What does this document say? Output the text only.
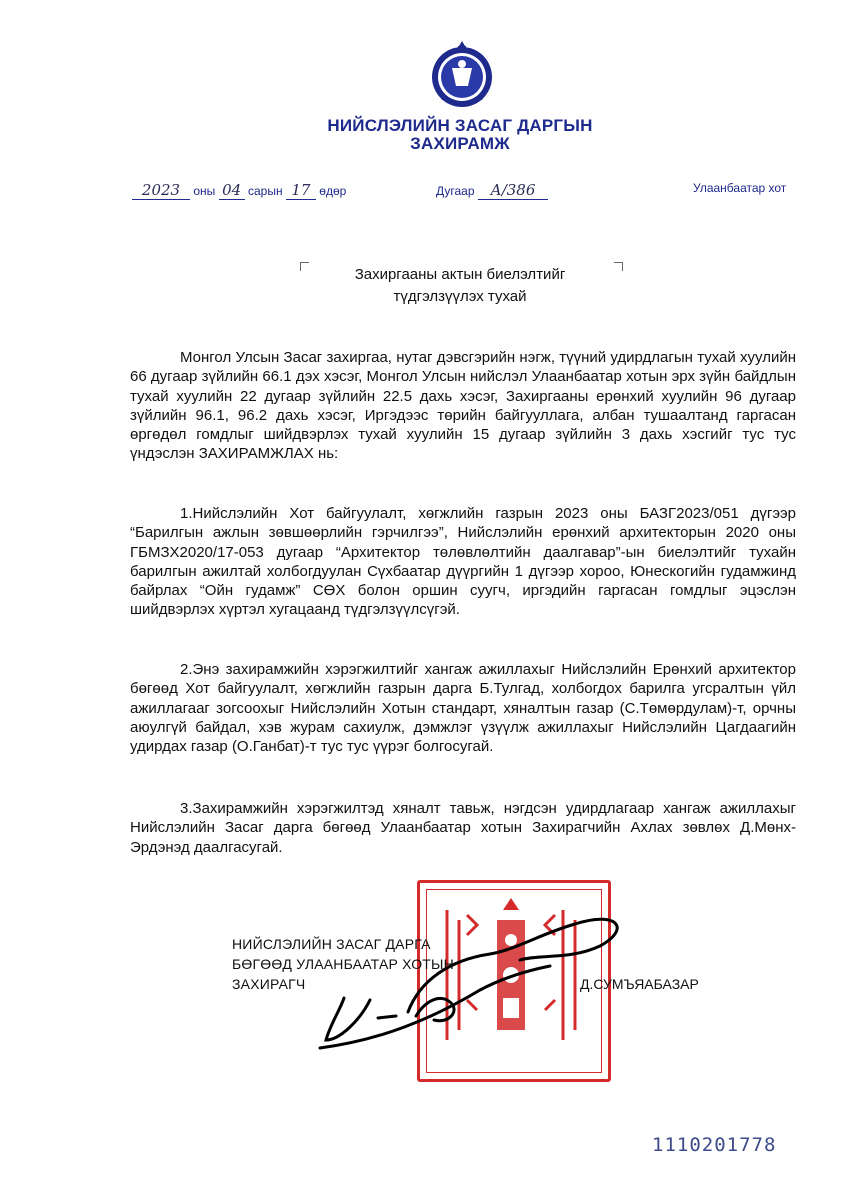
НИЙСЛЭЛИЙН ЗАСАГ ДАРГЫН
ЗАХИРАМЖ
2023 оны 04 сарын 17 өдөр	Дугаар А/386	Улаанбаатар хот
Захиргааны актын биелэлтийг
түдгэлзүүлэх тухай
Монгол Улсын Засаг захиргаа, нутаг дэвсгэрийн нэгж, түүний удирдлагын тухай хуулийн 66 дугаар зүйлийн 66.1 дэх хэсэг, Монгол Улсын нийслэл Улаанбаатар хотын эрх зүйн байдлын тухай хуулийн 22 дугаар зүйлийн 22.5 дахь хэсэг, Захиргааны ерөнхий хуулийн 96 дугаар зүйлийн 96.1, 96.2 дахь хэсэг, Иргэдээс төрийн байгууллага, албан тушаалтанд гаргасан өргөдөл гомдлыг шийдвэрлэх тухай хуулийн 15 дугаар зүйлийн 3 дахь хэсгийг тус тус үндэслэн ЗАХИРАМЖЛАХ нь:
1.Нийслэлийн Хот байгуулалт, хөгжлийн газрын 2023 оны БАЗГ2023/051 дүгээр “Барилгын ажлын зөвшөөрлийн гэрчилгээ”, Нийслэлийн ерөнхий архитекторын 2020 оны ГБМЗХ2020/17-053 дугаар “Архитектор төлөвлөлтийн даалгавар”-ын биелэлтийг тухайн барилгын ажилтай холбогдуулан Сүхбаатар дүүргийн 1 дүгээр хороо, Юнескогийн гудамжинд байрлах “Ойн гудамж” СӨХ болон оршин суугч, иргэдийн гаргасан гомдлыг эцэслэн шийдвэрлэх хүртэл хугацаанд түдгэлзүүлсүгэй.
2.Энэ захирамжийн хэрэгжилтийг хангаж ажиллахыг Нийслэлийн Ерөнхий архитектор бөгөөд Хот байгуулалт, хөгжлийн газрын дарга Б.Тулгад, холбогдох барилга угсралтын үйл ажиллагааг зогсоохыг Нийслэлийн Хотын стандарт, хяналтын газар (С.Төмөрдулам)-т, орчны аюулгүй байдал, хэв журам сахиулж, дэмжлэг үзүүлж ажиллахыг Нийслэлийн Цагдаагийн удирдах газар (О.Ганбат)-т тус тус үүрэг болгосугай.
3.Захирамжийн хэрэгжилтэд хяналт тавьж, нэгдсэн удирдлагаар хангаж ажиллахыг Нийслэлийн Засаг дарга бөгөөд Улаанбаатар хотын Захирагчийн Ахлах зөвлөх Д.Мөнх-Эрдэнэд даалгасугай.
НИЙСЛЭЛИЙН ЗАСАГ ДАРГА
БӨГӨӨД УЛААНБААТАР ХОТЫН
ЗАХИРАГЧ	Д.СУМЪЯАБАЗАР
1110201778
